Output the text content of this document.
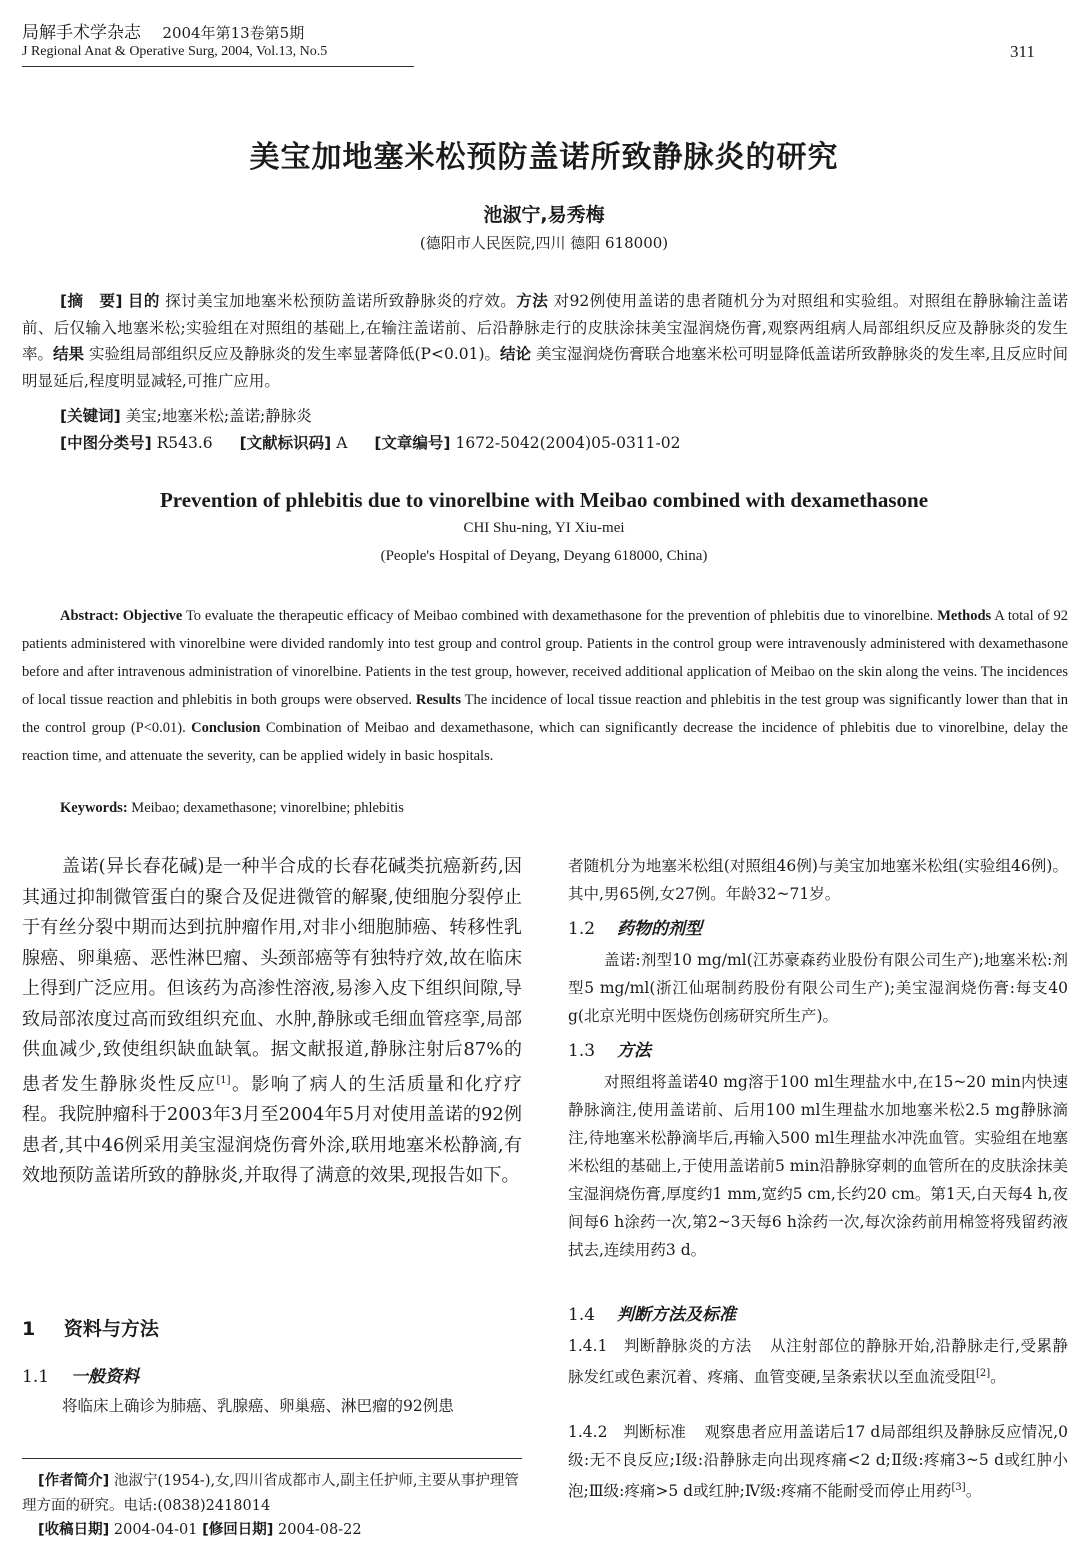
局解手术学杂志 2004年第13卷第5期
J Regional Anat & Operative Surg, 2004, Vol.13, No.5	311
美宝加地塞米松预防盖诺所致静脉炎的研究
池淑宁,易秀梅
(德阳市人民医院,四川 德阳 618000)
[摘　要] 目的 探讨美宝加地塞米松预防盖诺所致静脉炎的疗效。方法 对92例使用盖诺的患者随机分为对照组和实验组。对照组在静脉输注盖诺前、后仅输入地塞米松;实验组在对照组的基础上,在输注盖诺前、后沿静脉走行的皮肤涂抹美宝湿润烧伤膏,观察两组病人局部组织反应及静脉炎的发生率。结果 实验组局部组织反应及静脉炎的发生率显著降低(P<0.01)。结论 美宝湿润烧伤膏联合地塞米松可明显降低盖诺所致静脉炎的发生率,且反应时间明显延后,程度明显减轻,可推广应用。
[关键词] 美宝;地塞米松;盖诺;静脉炎
[中图分类号] R543.6 [文献标识码] A [文章编号] 1672-5042(2004)05-0311-02
Prevention of phlebitis due to vinorelbine with Meibao combined with dexamethasone
CHI Shu-ning, YI Xiu-mei
(People's Hospital of Deyang, Deyang 618000, China)
Abstract: Objective To evaluate the therapeutic efficacy of Meibao combined with dexamethasone for the prevention of phlebitis due to vinorelbine. Methods A total of 92 patients administered with vinorelbine were divided randomly into test group and control group. Patients in the control group were intravenously administered with dexamethasone before and after intravenous administration of vinorelbine. Patients in the test group, however, received additional application of Meibao on the skin along the veins. The incidences of local tissue reaction and phlebitis in both groups were observed. Results The incidence of local tissue reaction and phlebitis in the test group was significantly lower than that in the control group (P<0.01). Conclusion Combination of Meibao and dexamethasone, which can significantly decrease the incidence of phlebitis due to vinorelbine, delay the reaction time, and attenuate the severity, can be applied widely in basic hospitals.
Keywords: Meibao; dexamethasone; vinorelbine; phlebitis
盖诺(异长春花碱)是一种半合成的长春花碱类抗癌新药,因其通过抑制微管蛋白的聚合及促进微管的解聚,使细胞分裂停止于有丝分裂中期而达到抗肿瘤作用,对非小细胞肺癌、转移性乳腺癌、卵巢癌、恶性淋巴瘤、头颈部癌等有独特疗效,故在临床上得到广泛应用。但该药为高渗性溶液,易渗入皮下组织间隙,导致局部浓度过高而致组织充血、水肿,静脉或毛细血管痉挛,局部供血减少,致使组织缺血缺氧。据文献报道,静脉注射后87%的患者发生静脉炎性反应[1]。影响了病人的生活质量和化疗疗程。我院肿瘤科于2003年3月至2004年5月对使用盖诺的92例患者,其中46例采用美宝湿润烧伤膏外涂,联用地塞米松静滴,有效地预防盖诺所致的静脉炎,并取得了满意的效果,现报告如下。
1 资料与方法
1.1 一般资料
将临床上确诊为肺癌、乳腺癌、卵巢癌、淋巴瘤的92例患
[作者简介] 池淑宁(1954-),女,四川省成都市人,副主任护师,主要从事护理管理方面的研究。电话:(0838)2418014
[收稿日期] 2004-04-01 [修回日期] 2004-08-22
者随机分为地塞米松组(对照组46例)与美宝加地塞米松组(实验组46例)。其中,男65例,女27例。年龄32~71岁。
1.2 药物的剂型
盖诺:剂型10 mg/ml(江苏豪森药业股份有限公司生产);地塞米松:剂型5 mg/ml(浙江仙琚制药股份有限公司生产);美宝湿润烧伤膏:每支40 g(北京光明中医烧伤创疡研究所生产)。
1.3 方法
对照组将盖诺40 mg溶于100 ml生理盐水中,在15~20 min内快速静脉滴注,使用盖诺前、后用100 ml生理盐水加地塞米松2.5 mg静脉滴注,待地塞米松静滴毕后,再输入500 ml生理盐水冲洗血管。实验组在地塞米松组的基础上,于使用盖诺前5 min沿静脉穿刺的血管所在的皮肤涂抹美宝湿润烧伤膏,厚度约1 mm,宽约5 cm,长约20 cm。第1天,白天每4 h,夜间每6 h涂药一次,第2~3天每6 h涂药一次,每次涂药前用棉签将残留药液拭去,连续用药3 d。
1.4 判断方法及标准
1.4.1　判断静脉炎的方法 从注射部位的静脉开始,沿静脉走行,受累静脉发红或色素沉着、疼痛、血管变硬,呈条索状以至血流受阻[2]。
1.4.2　判断标准 观察患者应用盖诺后17 d局部组织及静脉反应情况,0级:无不良反应;Ⅰ级:沿静脉走向出现疼痛<2 d;Ⅱ级:疼痛3~5 d或红肿小泡;Ⅲ级:疼痛>5 d或红肿;Ⅳ级:疼痛不能耐受而停止用药[3]。
